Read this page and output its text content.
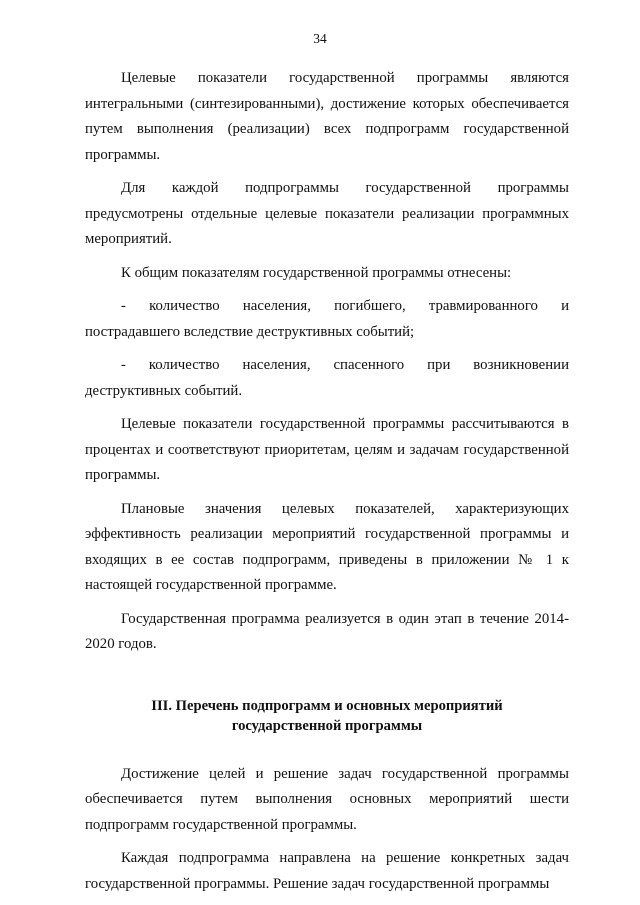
34

Целевые показатели государственной программы являются интегральными (синтезированными), достижение которых обеспечивается путем выполнения (реализации) всех подпрограмм государственной программы.

Для каждой подпрограммы государственной программы предусмотрены отдельные целевые показатели реализации программных мероприятий.

К общим показателям государственной программы отнесены:

- количество населения, погибшего, травмированного и пострадавшего вследствие деструктивных событий;

- количество населения, спасенного при возникновении деструктивных событий.

Целевые показатели государственной программы рассчитываются в процентах и соответствуют приоритетам, целям и задачам государственной программы.

Плановые значения целевых показателей, характеризующих эффективность реализации мероприятий государственной программы и входящих в ее состав подпрограмм, приведены в приложении № 1 к настоящей государственной программе.

Государственная программа реализуется в один этап в течение 2014-2020 годов.

III. Перечень подпрограмм и основных мероприятий
государственной программы

Достижение целей и решение задач государственной программы обеспечивается путем выполнения основных мероприятий шести подпрограмм государственной программы.

Каждая подпрограмма направлена на решение конкретных задач государственной программы. Решение задач государственной программы
